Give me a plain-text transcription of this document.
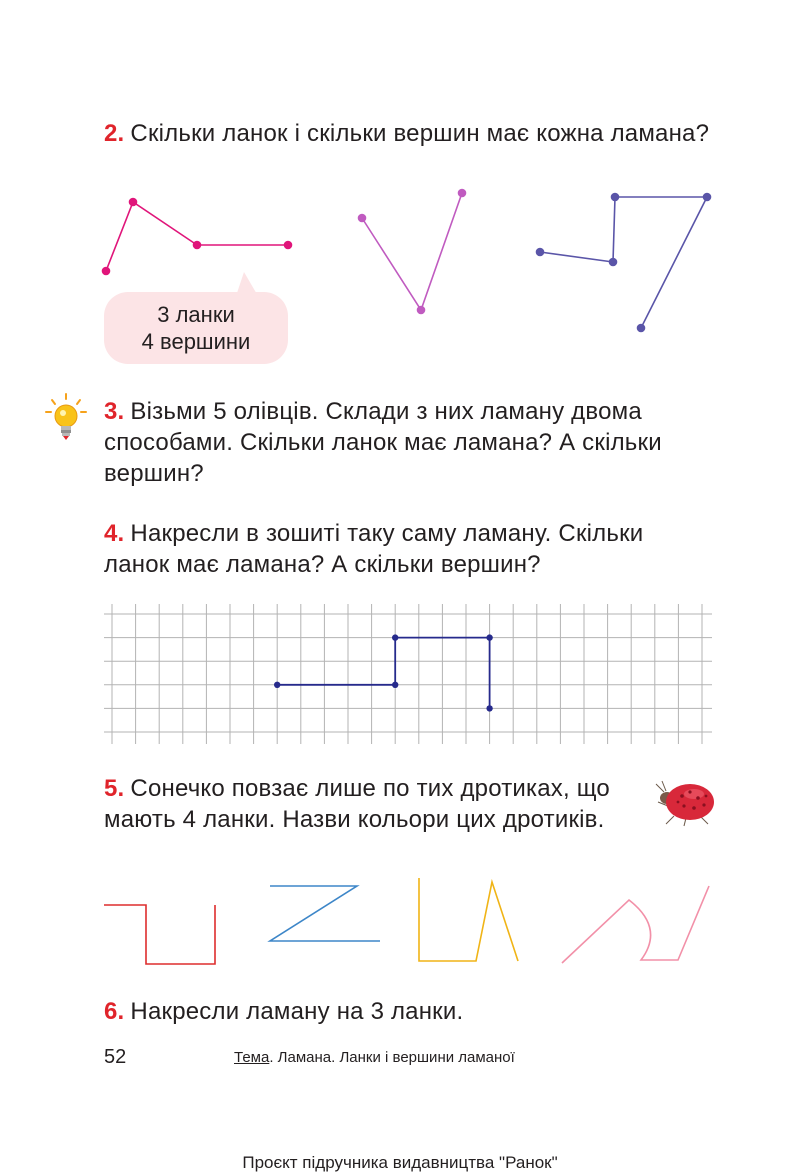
2. Скільки ланок і скільки вершин має кожна ламана?

3 ланки
4 вершини

3. Візьми 5 олівців. Склади з них ламану двома способами. Скільки ланок має ламана? А скільки вершин?

4. Накресли в зошиті таку саму ламану. Скільки ланок має ламана? А скільки вершин?

5. Сонечко повзає лише по тих дротиках, що
мають 4 ланки. Назви кольори цих дротиків.

6. Накресли ламану на 3 ланки.

52	Тема. Ламана. Ланки і вершини ламаної
Проєкт підручника видавництва "Ранок"
